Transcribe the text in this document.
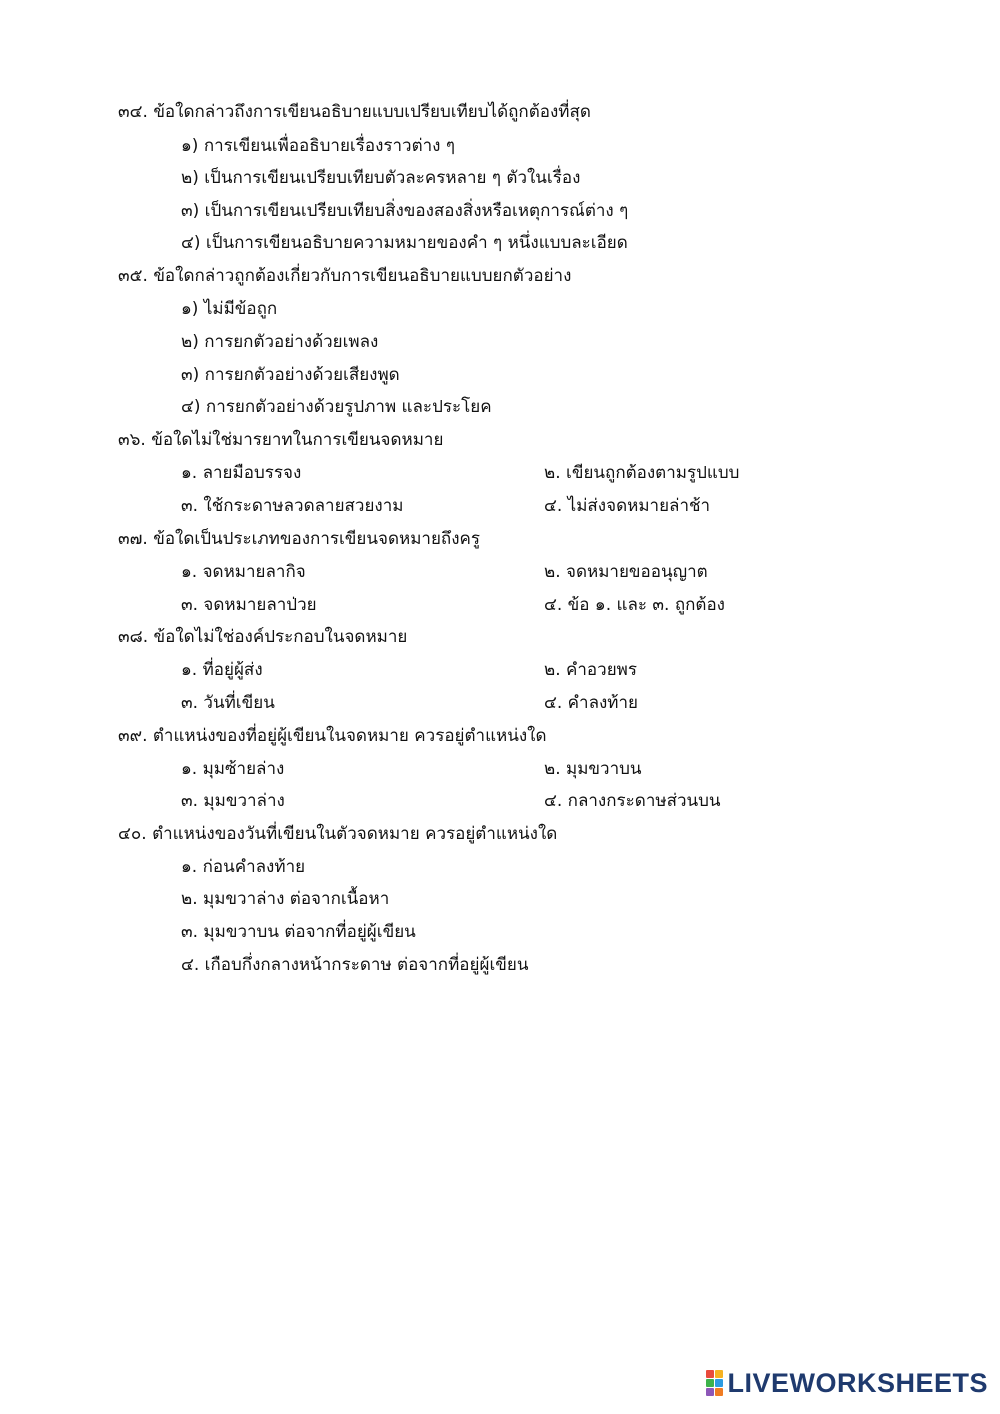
๓๔. ข้อใดกล่าวถึงการเขียนอธิบายแบบเปรียบเทียบได้ถูกต้องที่สุด
๑) การเขียนเพื่ออธิบายเรื่องราวต่าง ๆ
๒) เป็นการเขียนเปรียบเทียบตัวละครหลาย ๆ ตัวในเรื่อง
๓) เป็นการเขียนเปรียบเทียบสิ่งของสองสิ่งหรือเหตุการณ์ต่าง ๆ
๔) เป็นการเขียนอธิบายความหมายของคำ ๆ หนึ่งแบบละเอียด
๓๕. ข้อใดกล่าวถูกต้องเกี่ยวกับการเขียนอธิบายแบบยกตัวอย่าง
๑) ไม่มีข้อถูก
๒) การยกตัวอย่างด้วยเพลง
๓) การยกตัวอย่างด้วยเสียงพูด
๔) การยกตัวอย่างด้วยรูปภาพ และประโยค
๓๖. ข้อใดไม่ใช่มารยาทในการเขียนจดหมาย
๑. ลายมือบรรจง	๒. เขียนถูกต้องตามรูปแบบ
๓. ใช้กระดาษลวดลายสวยงาม	๔. ไม่ส่งจดหมายล่าช้า
๓๗. ข้อใดเป็นประเภทของการเขียนจดหมายถึงครู
๑. จดหมายลากิจ	๒. จดหมายขออนุญาต
๓. จดหมายลาป่วย	๔. ข้อ ๑. และ ๓. ถูกต้อง
๓๘. ข้อใดไม่ใช่องค์ประกอบในจดหมาย
๑. ที่อยู่ผู้ส่ง	๒. คำอวยพร
๓. วันที่เขียน	๔. คำลงท้าย
๓๙. ตำแหน่งของที่อยู่ผู้เขียนในจดหมาย ควรอยู่ตำแหน่งใด
๑. มุมซ้ายล่าง	๒. มุมขวาบน
๓. มุมขวาล่าง	๔. กลางกระดาษส่วนบน
๔๐. ตำแหน่งของวันที่เขียนในตัวจดหมาย ควรอยู่ตำแหน่งใด
๑. ก่อนคำลงท้าย
๒. มุมขวาล่าง ต่อจากเนื้อหา
๓. มุมขวาบน ต่อจากที่อยู่ผู้เขียน
๔. เกือบกึ่งกลางหน้ากระดาษ ต่อจากที่อยู่ผู้เขียน
LIVEWORKSHEETS
